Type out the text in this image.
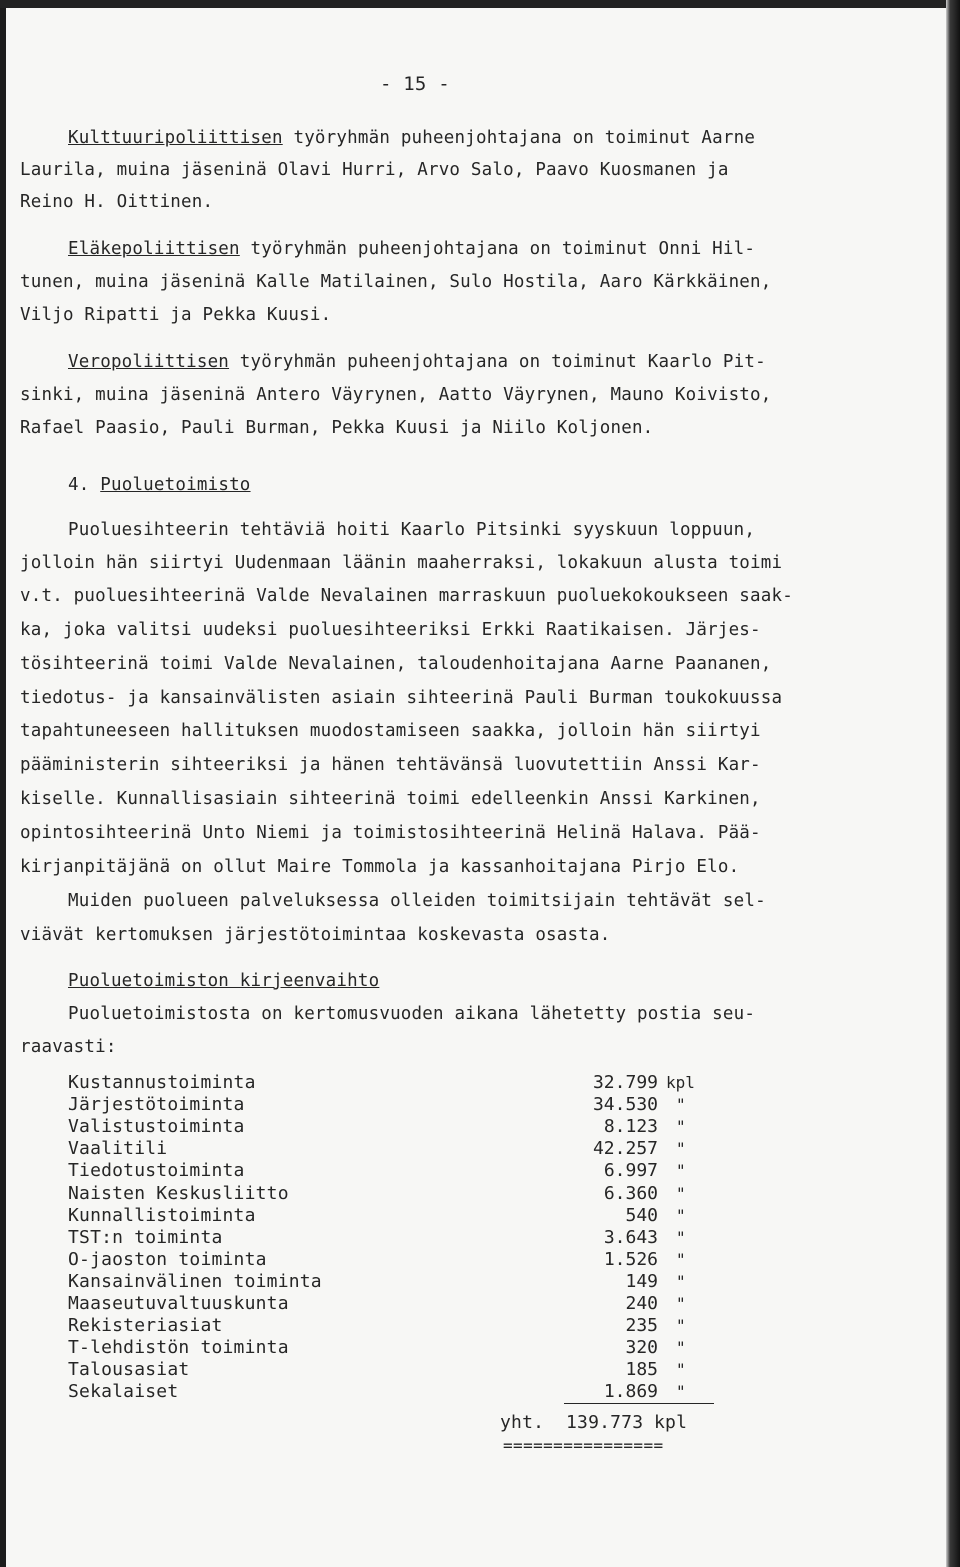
- 15 -
Kulttuuripoliittisen työryhmän puheenjohtajana on toiminut Aarne
Laurila, muina jäseninä Olavi Hurri, Arvo Salo, Paavo Kuosmanen ja
Reino H. Oittinen.
Eläkepoliittisen työryhmän puheenjohtajana on toiminut Onni Hil-
tunen, muina jäseninä Kalle Matilainen, Sulo Hostila, Aaro Kärkkäinen,
Viljo Ripatti ja Pekka Kuusi.
Veropoliittisen työryhmän puheenjohtajana on toiminut Kaarlo Pit-
sinki, muina jäseninä Antero Väyrynen, Aatto Väyrynen, Mauno Koivisto,
Rafael Paasio, Pauli Burman, Pekka Kuusi ja Niilo Koljonen.
4. Puoluetoimisto
Puoluesihteerin tehtäviä hoiti Kaarlo Pitsinki syyskuun loppuun,
jolloin hän siirtyi Uudenmaan läänin maaherraksi, lokakuun alusta toimi
v.t. puoluesihteerinä Valde Nevalainen marraskuun puoluekokoukseen saak-
ka, joka valitsi uudeksi puoluesihteeriksi Erkki Raatikaisen. Järjes-
tösihteerinä toimi Valde Nevalainen, taloudenhoitajana Aarne Paananen,
tiedotus- ja kansainvälisten asiain sihteerinä Pauli Burman toukokuussa
tapahtuneeseen hallituksen muodostamiseen saakka, jolloin hän siirtyi
pääministerin sihteeriksi ja hänen tehtävänsä luovutettiin Anssi Kar-
kiselle. Kunnallisasiain sihteerinä toimi edelleenkin Anssi Karkinen,
opintosihteerinä Unto Niemi ja toimistosihteerinä Helinä Halava. Pää-
kirjanpitäjänä on ollut Maire Tommola ja kassanhoitajana Pirjo Elo.
Muiden puolueen palveluksessa olleiden toimitsijain tehtävät sel-
viävät kertomuksen järjestötoimintaa koskevasta osasta.
Puoluetoimiston kirjeenvaihto
Puoluetoimistosta on kertomusvuoden aikana lähetetty postia seu-
raavasti:
Kustannustoiminta	32.799 kpl
Järjestötoiminta	34.530 "
Valistustoiminta	8.123 "
Vaalitili	42.257 "
Tiedotustoiminta	6.997 "
Naisten Keskusliitto	6.360 "
Kunnallistoiminta	540 "
TST:n toiminta	3.643 "
O-jaoston toiminta	1.526 "
Kansainvälinen toiminta	149 "
Maaseutuvaltuuskunta	240 "
Rekisteriasiat	235 "
T-lehdistön toiminta	320 "
Talousasiat	185 "
Sekalaiset	1.869 "
yht. 139.773 kpl
================
